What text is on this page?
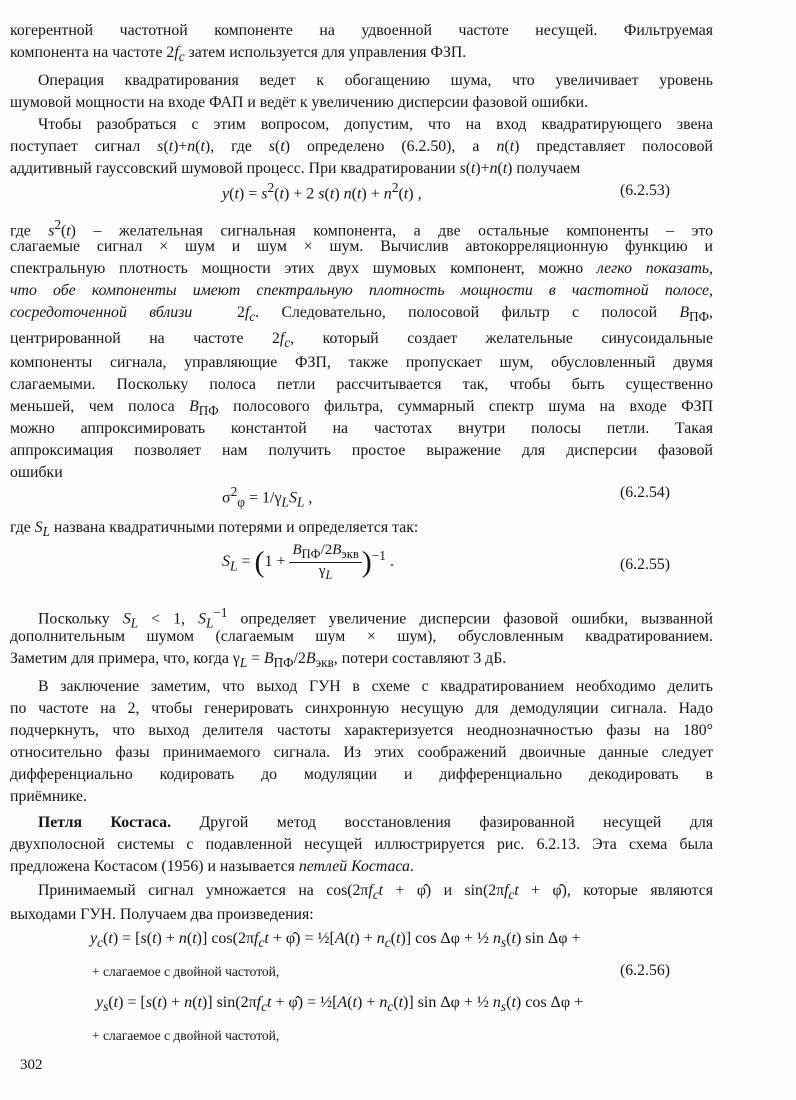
когерентной частотной компоненте на удвоенной частоте несущей. Фильтруемая
компонента на частоте $2f_c$ затем используется для управления ФЗП.
Операция квадратирования ведет к обогащению шума, что увеличивает уровень
шумовой мощности на входе ФАП и ведёт к увеличению дисперсии фазовой ошибки.
Чтобы разобраться с этим вопросом, допустим, что на вход квадратирующего звена
поступает сигнал s(t)+n(t), где s(t) определено (6.2.50), а n(t) представляет полосовой
аддитивный гауссовский шумовой процесс. При квадратировании s(t)+n(t) получаем
$y(t) = s^2(t) + 2$ s(t) $n(t) + n^2(t)$ ,	(6.2.53)
где $s^2(t)$ – желательная сигнальная компонента, а две остальные компоненты – это
слагаемые сигнал × шум и шум × шум. Вычислив автокорреляционную функцию и
спектральную плотность мощности этих двух шумовых компонент, можно легко показать,
что обе компоненты имеют спектральную плотность мощности в частотной полосе,
сосредоточенной вблизи  $2f_c$. Следовательно, полосовой фильтр с полосой $B_{ПФ}$,
центрированной на частоте $2f_c$, который создает желательные синусоидальные
компоненты сигнала, управляющие ФЗП, также пропускает шум, обусловленный двумя
слагаемыми. Поскольку полоса петли рассчитывается так, чтобы быть существенно
меньшей, чем полоса $B_{ПФ}$ полосового фильтра, суммарный спектр шума на входе ФЗП
можно аппроксимировать константой на частотах внутри полосы петли. Такая
аппроксимация позволяет нам получить простое выражение для дисперсии фазовой
ошибки
$\sigma^2_\varphi = 1/\gamma_LS_L$ ,	(6.2.54)
где $S_L$ названа квадратичными потерями и определяется так:
$S_L = (1 + \frac{B_{ПФ}/2B_{экв}}{\gamma_L} )^{-1}$ .	(6.2.55)
Поскольку $S_L < 1$, $S_L^{-1}$ определяет увеличение дисперсии фазовой ошибки, вызванной
дополнительным шумом (слагаемым шум × шум), обусловленным квадратированием.
Заметим для примера, что, когда $\gamma_L = B_{ПФ}/2B_{экв}$, потери составляют 3 дБ.
В заключение заметим, что выход ГУН в схеме с квадратированием необходимо делить
по частоте на 2, чтобы генерировать синхронную несущую для демодуляции сигнала. Надо
подчеркнуть, что выход делителя частоты характеризуется неоднозначностью фазы на 180°
относительно фазы принимаемого сигнала. Из этих соображений двоичные данные следует
дифференциально кодировать до модуляции и дифференциально декодировать в
приёмнике.
Петля Костаса. Другой метод восстановления фазированной несущей для
двухполосной системы с подавленной несущей иллюстрируется рис. 6.2.13. Эта схема была
предложена Костасом (1956) и называется петлей Костаса.
Принимаемый сигнал умножается на $\cos(2\pi f_ct$ + φ̂) и $\sin(2\pi f_ct$ + φ̂), которые являются
выходами ГУН. Получаем два произведения:
$y_c(t) = [s(t) + n(t)] \cos(2\pi f_ct$ + φ̂) = ½[A(t) + $n_c(t)$] cos Δφ + ½ $n_s(t)$ sin Δφ +
+ слагаемое с двойной частотой,	(6.2.56)
$y_s(t) = [s(t) + n(t)] \sin(2\pi f_ct$ + φ̂) = ½[A(t) + $n_c(t)$] sin Δφ + ½ $n_s(t)$ cos Δφ +
+ слагаемое с двойной частотой,
302
